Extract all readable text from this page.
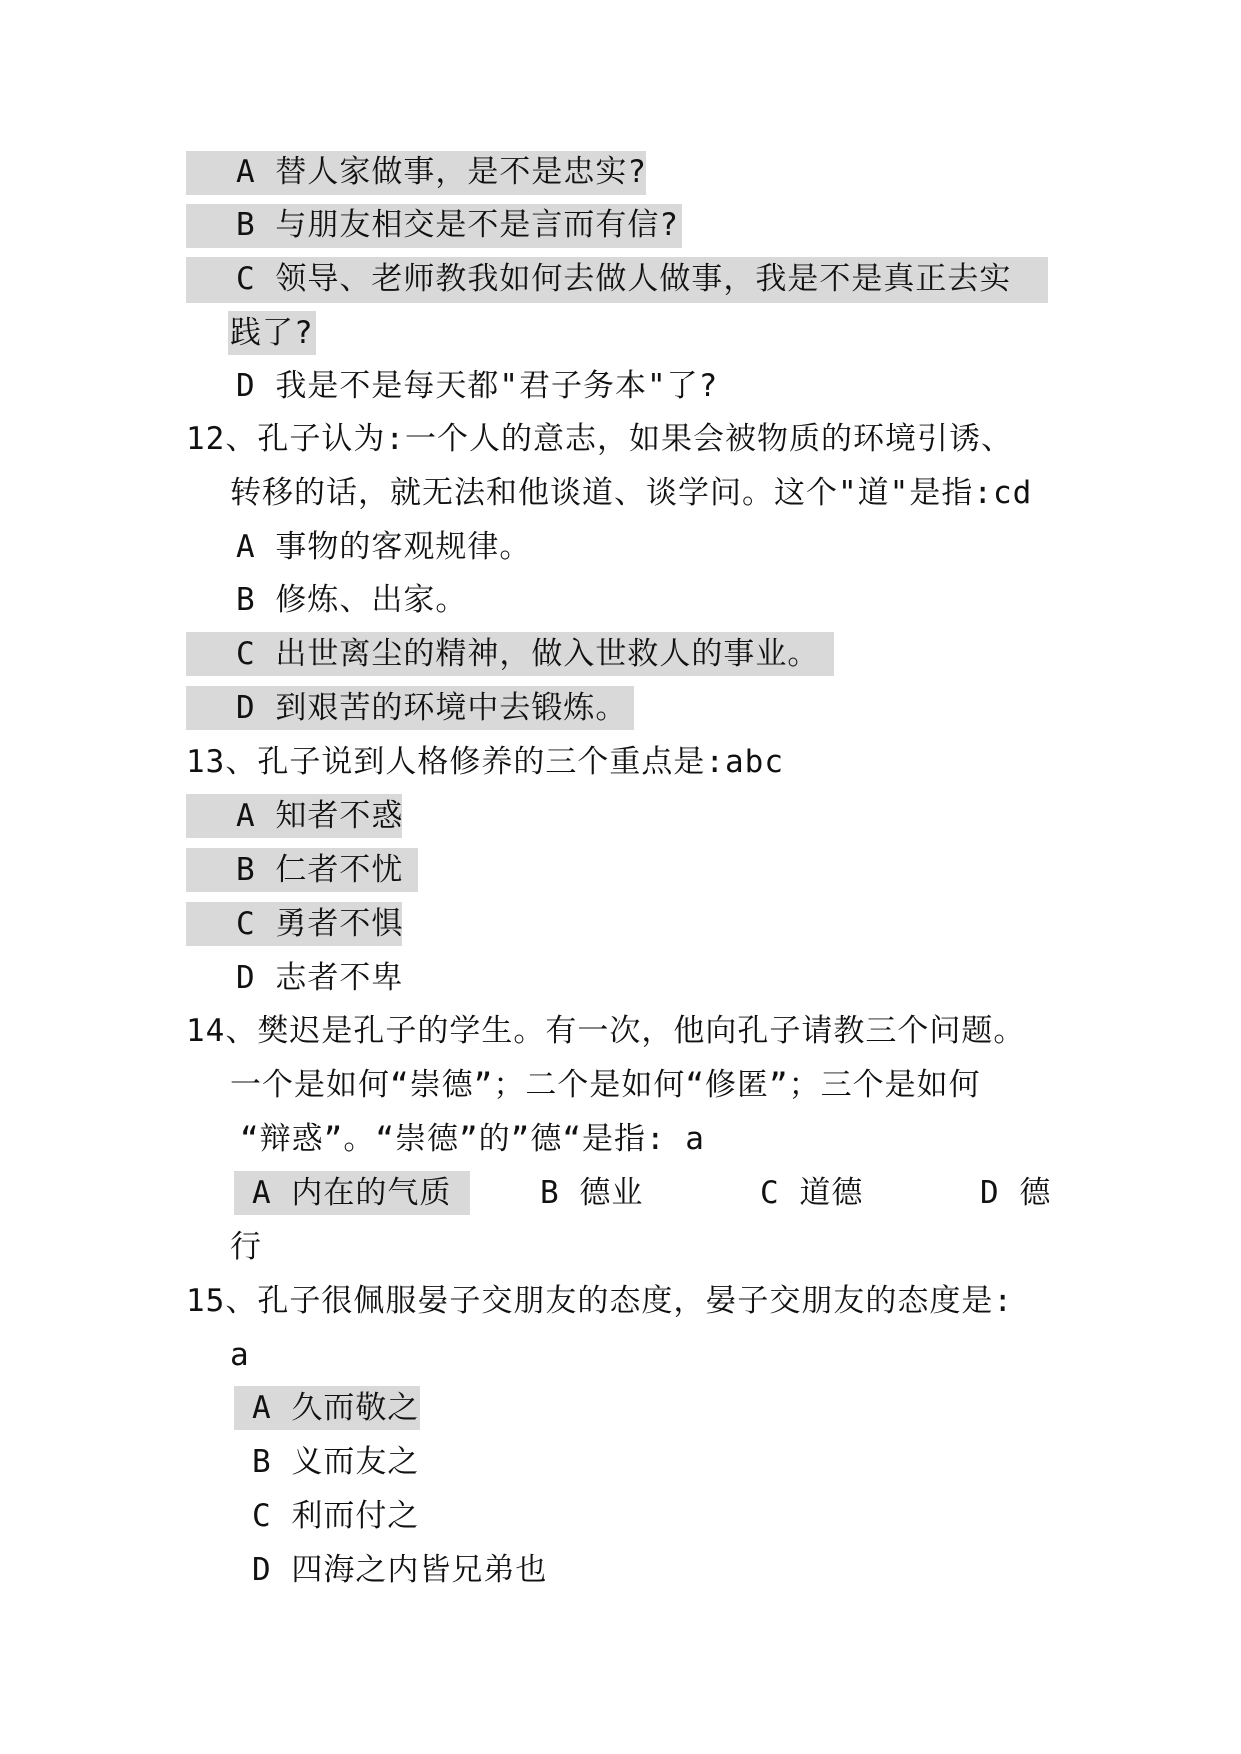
A 替人家做事，是不是忠实?
B 与朋友相交是不是言而有信?
C 领导、老师教我如何去做人做事，我是不是真正去实
践了?
D 我是不是每天都"君子务本"了?
12、孔子认为:一个人的意志，如果会被物质的环境引诱、
转移的话，就无法和他谈道、谈学问。这个"道"是指:cd
A 事物的客观规律。
B 修炼、出家。
C 出世离尘的精神，做入世救人的事业。
D 到艰苦的环境中去锻炼。
13、孔子说到人格修养的三个重点是:abc
A 知者不惑
B 仁者不忧
C 勇者不惧
D 志者不卑
14、樊迟是孔子的学生。有一次，他向孔子请教三个问题。
一个是如何“崇德”；二个是如何“修匿”；三个是如何
“辩惑”。“崇德”的”德“是指: a
A 内在的气质	B 德业	C 道德	D 德
行
15、孔子很佩服晏子交朋友的态度，晏子交朋友的态度是:
a
A 久而敬之
B 义而友之
C 利而付之
D 四海之内皆兄弟也
